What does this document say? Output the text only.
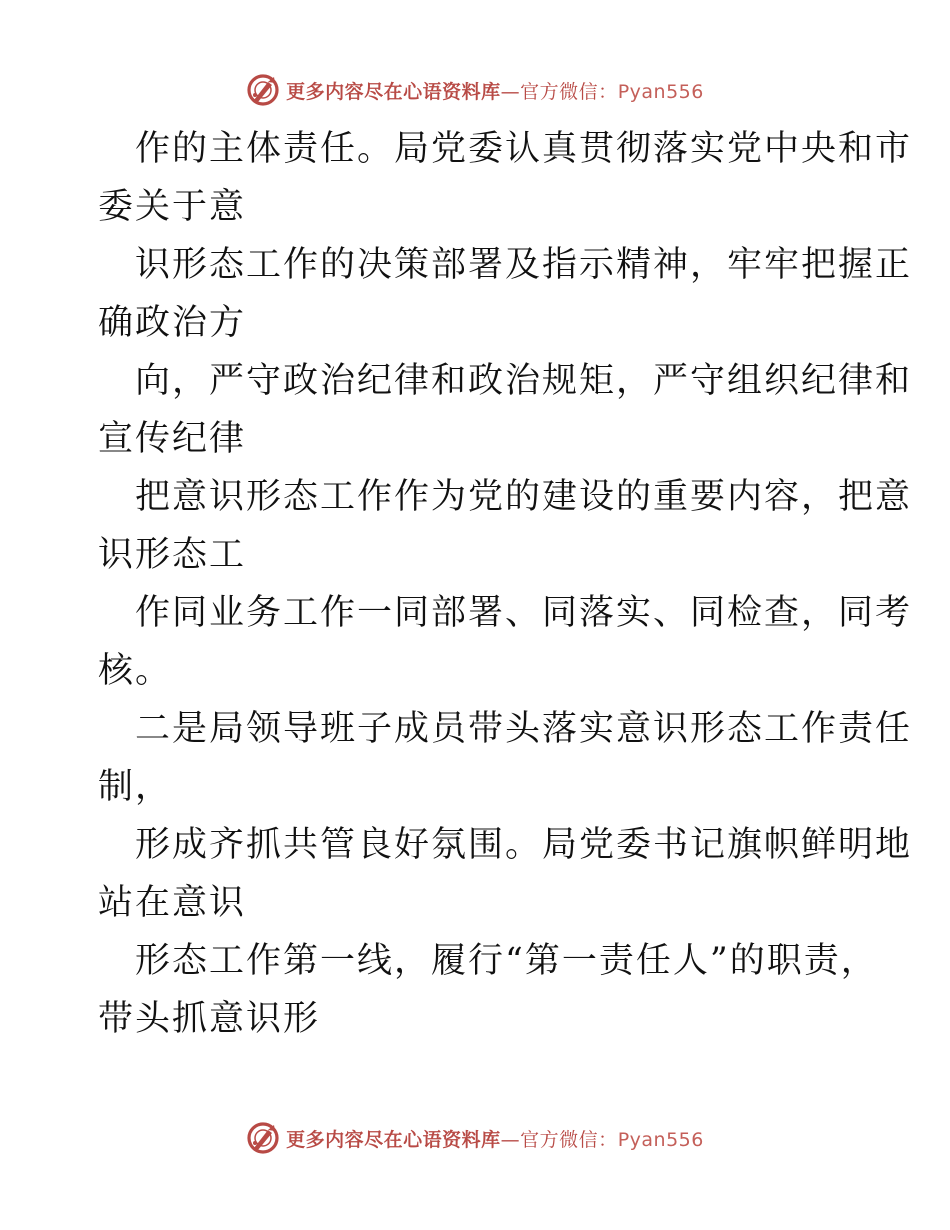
更多内容尽在心语资料库—官方微信：Pyan556
作的主体责任。局党委认真贯彻落实党中央和市
委关于意
识形态工作的决策部署及指示精神，牢牢把握正
确政治方
向，严守政治纪律和政治规矩，严守组织纪律和
宣传纪律
把意识形态工作作为党的建设的重要内容，把意
识形态工
作同业务工作一同部署、同落实、同检查，同考
核。
二是局领导班子成员带头落实意识形态工作责任
制，
形成齐抓共管良好氛围。局党委书记旗帜鲜明地
站在意识
形态工作第一线，履行“第一责任人”的职责，
带头抓意识形
更多内容尽在心语资料库—官方微信：Pyan556
